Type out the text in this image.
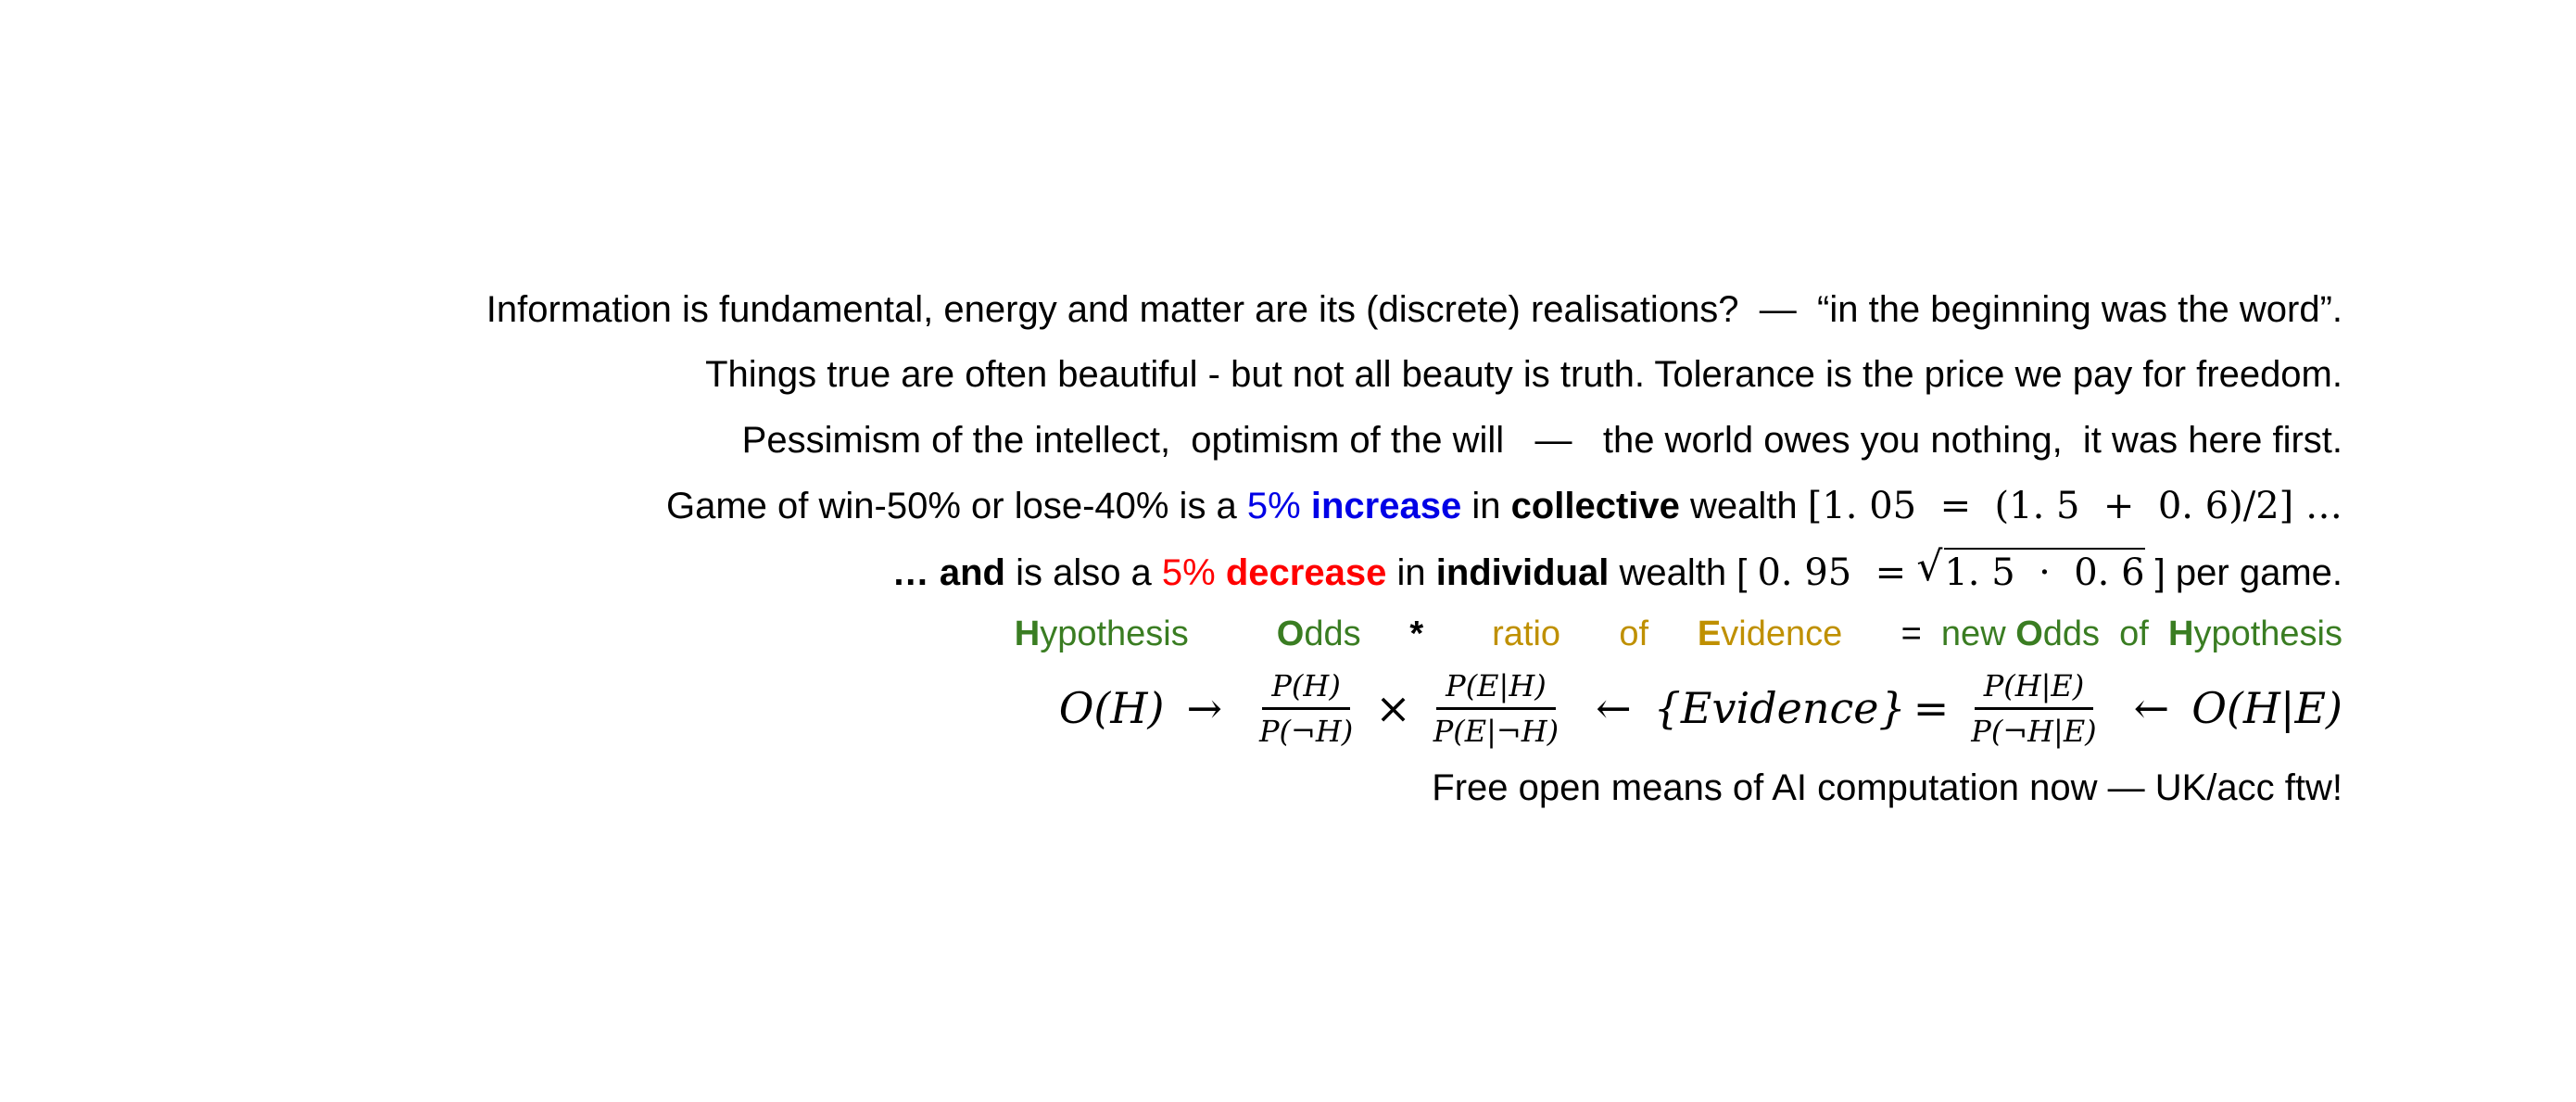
Information is fundamental, energy and matter are its (discrete) realisations?  —  “in the beginning was the word”.
Things true are often beautiful - but not all beauty is truth. Tolerance is the price we pay for freedom.
Pessimism of the intellect,  optimism of the will   —   the world owes you nothing,  it was here first.
Game of win-50% or lose-40% is a 5% increase in collective wealth [1. 05  =  (1. 5  +  0. 6)/2] …
… and is also a 5% decrease in individual wealth [ 0. 95  = √ 1. 5  ·  0. 6 ] per game.
Hypothesis	Odds * ratio of Evidence = new Odds of Hypothesis
$O(H) \to \frac{P(H)}{P(\neg H)} \times \frac{P(E|H)}{P(E|\neg H)}$ ← {Evidence} = $\frac{P(H|E)}{P(\neg H|E)}$ ← O(H|E)
Free open means of AI computation now — UK/acc ftw!
